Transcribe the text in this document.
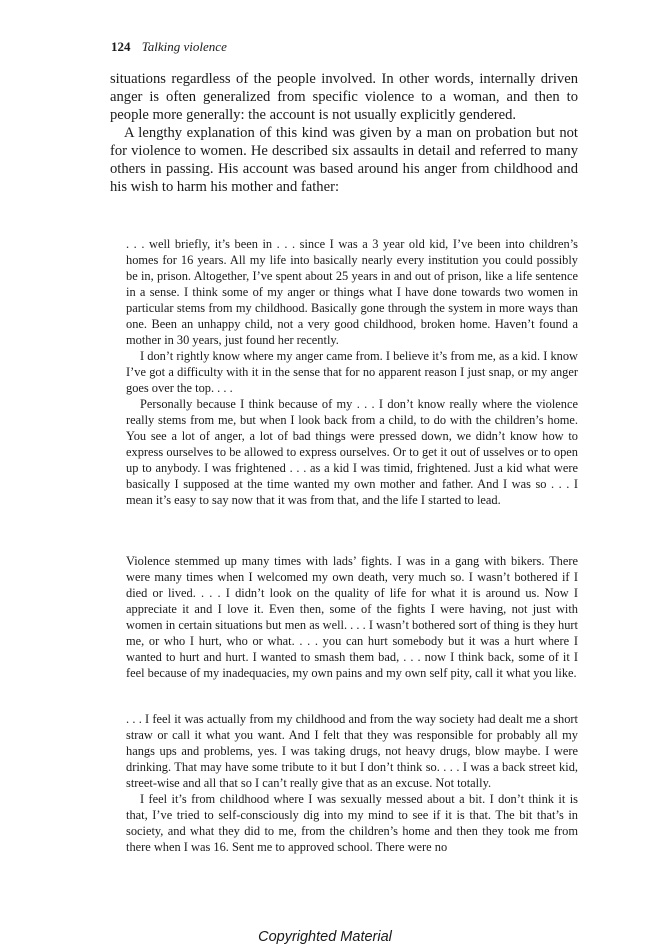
124 Talking violence

situations regardless of the people involved. In other words, internally driven anger is often generalized from specific violence to a woman, and then to people more generally: the account is not usually explicitly gendered.

A lengthy explanation of this kind was given by a man on probation but not for violence to women. He described six assaults in detail and referred to many others in passing. His account was based around his anger from childhood and his wish to harm his mother and father:

. . . well briefly, it’s been in . . . since I was a 3 year old kid, I’ve been into children’s homes for 16 years. All my life into basically nearly every institution you could possibly be in, prison. Altogether, I’ve spent about 25 years in and out of prison, like a life sentence in a sense. I think some of my anger or things what I have done towards two women in particular stems from my childhood. Basically gone through the system in more ways than one. Been an unhappy child, not a very good childhood, broken home. Haven’t found a mother in 30 years, just found her recently.

I don’t rightly know where my anger came from. I believe it’s from me, as a kid. I know I’ve got a difficulty with it in the sense that for no apparent reason I just snap, or my anger goes over the top. . . .

Personally because I think because of my . . . I don’t know really where the violence really stems from me, but when I look back from a child, to do with the children’s home. You see a lot of anger, a lot of bad things were pressed down, we didn’t know how to express ourselves to be allowed to express ourselves. Or to get it out of usselves or to open up to anybody. I was frightened . . . as a kid I was timid, frightened. Just a kid what were basically I supposed at the time wanted my own mother and father. And I was so . . . I mean it’s easy to say now that it was from that, and the life I started to lead.

Violence stemmed up many times with lads’ fights. I was in a gang with bikers. There were many times when I welcomed my own death, very much so. I wasn’t bothered if I died or lived. . . . I didn’t look on the quality of life for what it is around us. Now I appreciate it and I love it. Even then, some of the fights I were having, not just with women in certain situations but men as well. . . . I wasn’t bothered sort of thing is they hurt me, or who I hurt, who or what. . . . you can hurt somebody but it was a hurt where I wanted to hurt and hurt. I wanted to smash them bad, . . . now I think back, some of it I feel because of my inadequacies, my own pains and my own self pity, call it what you like.

. . . I feel it was actually from my childhood and from the way society had dealt me a short straw or call it what you want. And I felt that they was responsible for probably all my hangs ups and problems, yes. I was taking drugs, not heavy drugs, blow maybe. I were drinking. That may have some tribute to it but I don’t think so. . . . I was a back street kid, street-wise and all that so I can’t really give that as an excuse. Not totally.

I feel it’s from childhood where I was sexually messed about a bit. I don’t think it is that, I’ve tried to self-consciously dig into my mind to see if it is that. The bit that’s in society, and what they did to me, from the children’s home and then they took me from there when I was 16. Sent me to approved school. There were no

Copyrighted Material
